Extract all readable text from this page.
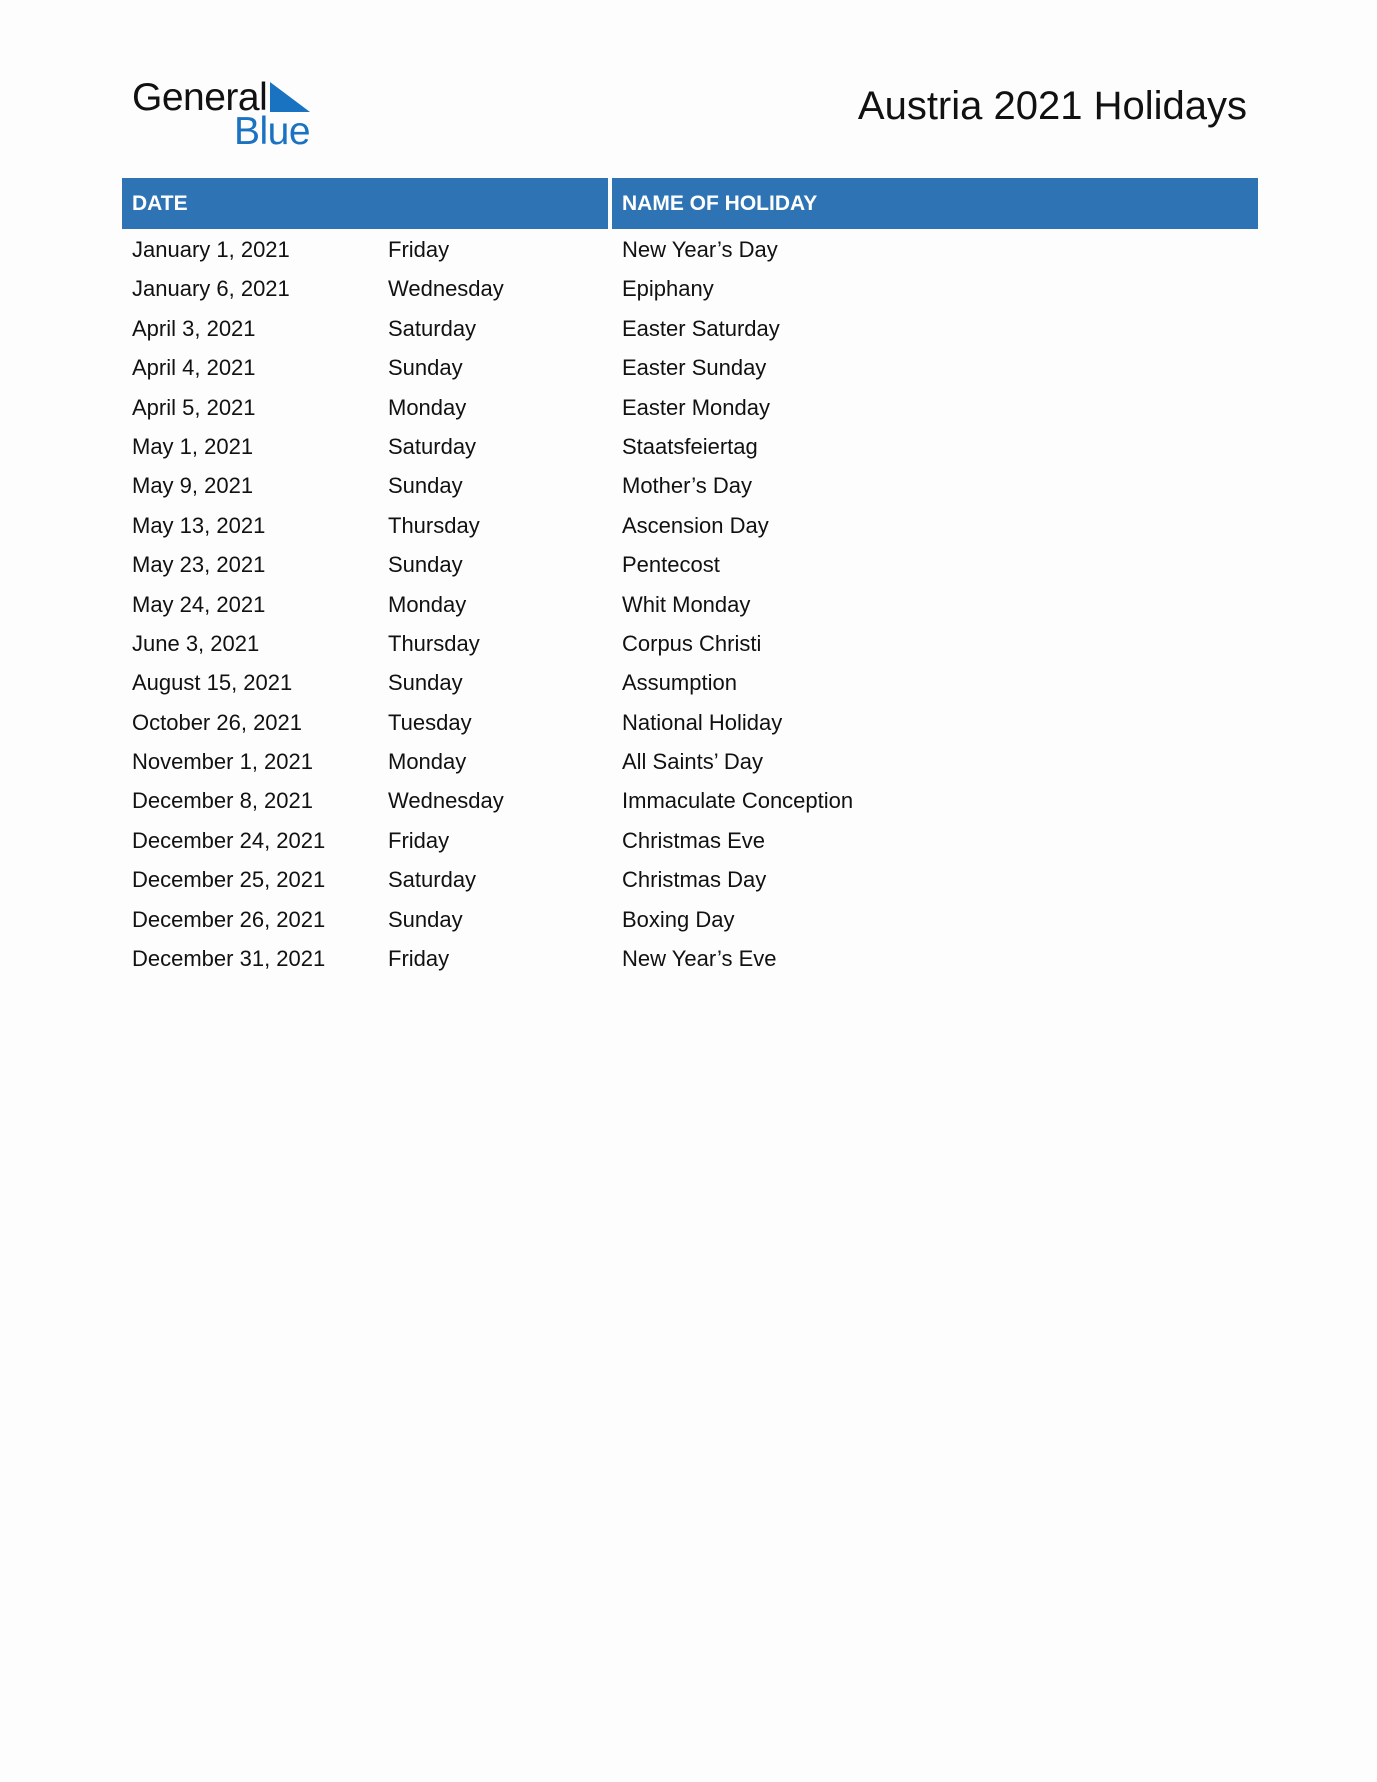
General
Blue
Austria 2021 Holidays
DATE	NAME OF HOLIDAY
January 1, 2021	Friday	New Year’s Day
January 6, 2021	Wednesday	Epiphany
April 3, 2021	Saturday	Easter Saturday
April 4, 2021	Sunday	Easter Sunday
April 5, 2021	Monday	Easter Monday
May 1, 2021	Saturday	Staatsfeiertag
May 9, 2021	Sunday	Mother’s Day
May 13, 2021	Thursday	Ascension Day
May 23, 2021	Sunday	Pentecost
May 24, 2021	Monday	Whit Monday
June 3, 2021	Thursday	Corpus Christi
August 15, 2021	Sunday	Assumption
October 26, 2021	Tuesday	National Holiday
November 1, 2021	Monday	All Saints’ Day
December 8, 2021	Wednesday	Immaculate Conception
December 24, 2021	Friday	Christmas Eve
December 25, 2021	Saturday	Christmas Day
December 26, 2021	Sunday	Boxing Day
December 31, 2021	Friday	New Year’s Eve
